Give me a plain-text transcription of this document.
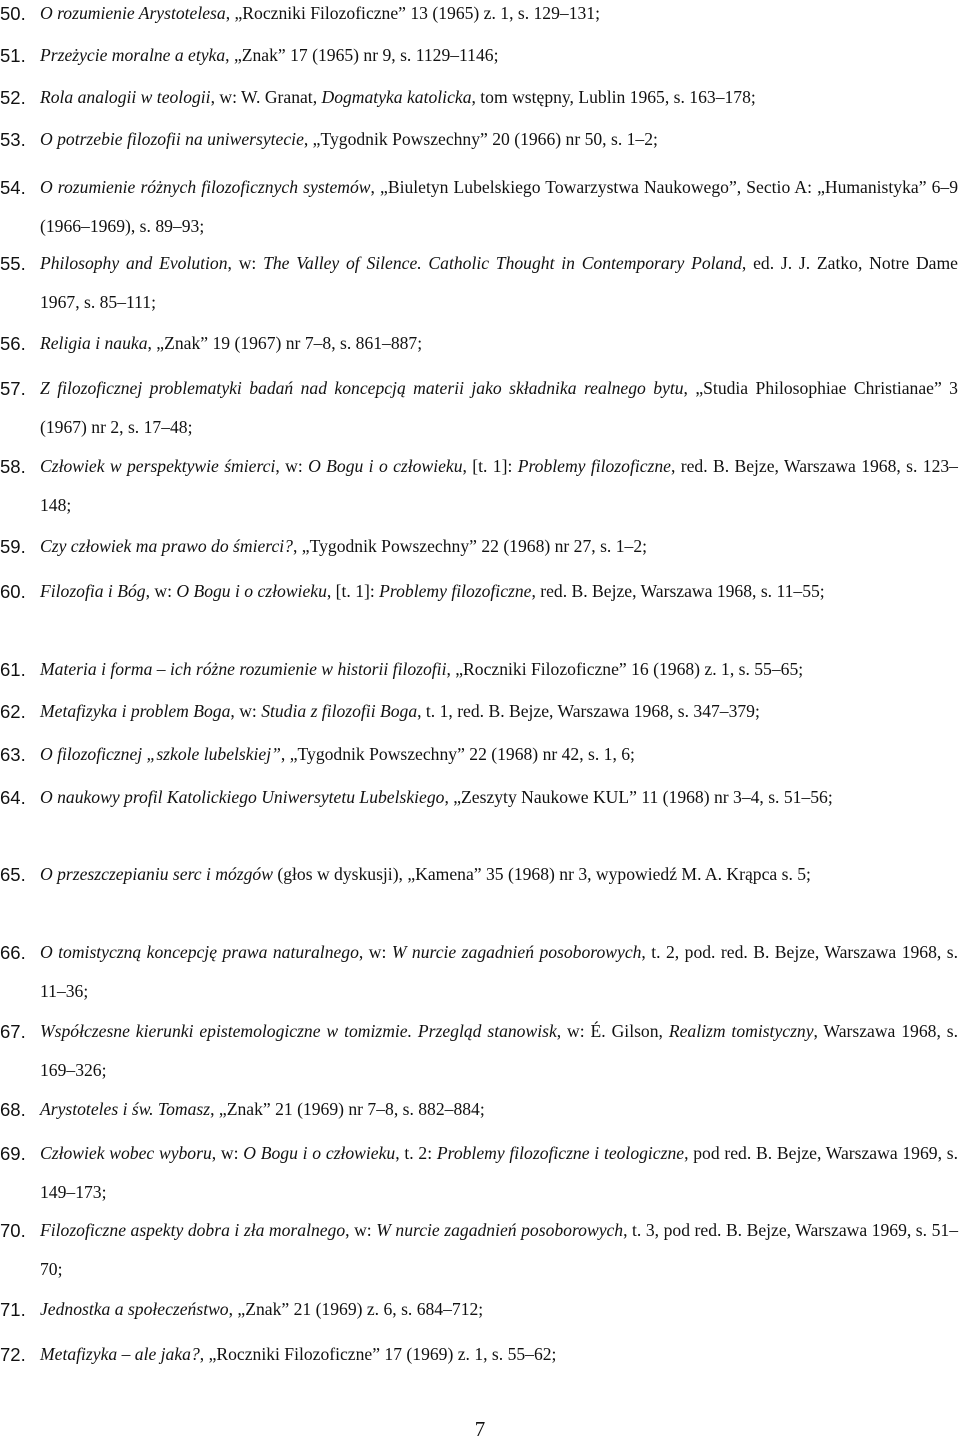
50. O rozumienie Arystotelesa, „Roczniki Filozoficzne” 13 (1965) z. 1, s. 129–131;
51. Przeżycie moralne a etyka, „Znak” 17 (1965) nr 9, s. 1129–1146;
52. Rola analogii w teologii, w: W. Granat, Dogmatyka katolicka, tom wstępny, Lublin 1965, s. 163–178;
53. O potrzebie filozofii na uniwersytecie, „Tygodnik Powszechny” 20 (1966) nr 50, s. 1–2;
54. O rozumienie różnych filozoficznych systemów, „Biuletyn Lubelskiego Towarzystwa Naukowego”, Sectio A: „Humanistyka” 6–9 (1966–1969), s. 89–93;
55. Philosophy and Evolution, w: The Valley of Silence. Catholic Thought in Contemporary Poland, ed. J. J. Zatko, Notre Dame 1967, s. 85–111;
56. Religia i nauka, „Znak” 19 (1967) nr 7–8, s. 861–887;
57. Z filozoficznej problematyki badań nad koncepcją materii jako składnika realnego bytu, „Studia Philosophiae Christianae” 3 (1967) nr 2, s. 17–48;
58. Człowiek w perspektywie śmierci, w: O Bogu i o człowieku, [t. 1]: Problemy filozoficzne, red. B. Bejze, Warszawa 1968, s. 123–148;
59. Czy człowiek ma prawo do śmierci?, „Tygodnik Powszechny” 22 (1968) nr 27, s. 1–2;
60. Filozofia i Bóg, w: O Bogu i o człowieku, [t. 1]: Problemy filozoficzne, red. B. Bejze, Warszawa 1968, s. 11–55;
61. Materia i forma – ich różne rozumienie w historii filozofii, „Roczniki Filozoficzne” 16 (1968) z. 1, s. 55–65;
62. Metafizyka i problem Boga, w: Studia z filozofii Boga, t. 1, red. B. Bejze, Warszawa 1968, s. 347–379;
63. O filozoficznej „szkole lubelskiej”, „Tygodnik Powszechny” 22 (1968) nr 42, s. 1, 6;
64. O naukowy profil Katolickiego Uniwersytetu Lubelskiego, „Zeszyty Naukowe KUL” 11 (1968) nr 3–4, s. 51–56;
65. O przeszczepianiu serc i mózgów (głos w dyskusji), „Kamena” 35 (1968) nr 3, wypowiedź M. A. Krąpca s. 5;
66. O tomistyczną koncepcję prawa naturalnego, w: W nurcie zagadnień posoborowych, t. 2, pod. red. B. Bejze, Warszawa 1968, s. 11–36;
67. Współczesne kierunki epistemologiczne w tomizmie. Przegląd stanowisk, w: É. Gilson, Realizm tomistyczny, Warszawa 1968, s. 169–326;
68. Arystoteles i św. Tomasz, „Znak” 21 (1969) nr 7–8, s. 882–884;
69. Człowiek wobec wyboru, w: O Bogu i o człowieku, t. 2: Problemy filozoficzne i teologiczne, pod red. B. Bejze, Warszawa 1969, s. 149–173;
70. Filozoficzne aspekty dobra i zła moralnego, w: W nurcie zagadnień posoborowych, t. 3, pod red. B. Bejze, Warszawa 1969, s. 51–70;
71. Jednostka a społeczeństwo, „Znak” 21 (1969) z. 6, s. 684–712;
72. Metafizyka – ale jaka?, „Roczniki Filozoficzne” 17 (1969) z. 1, s. 55–62;
7
